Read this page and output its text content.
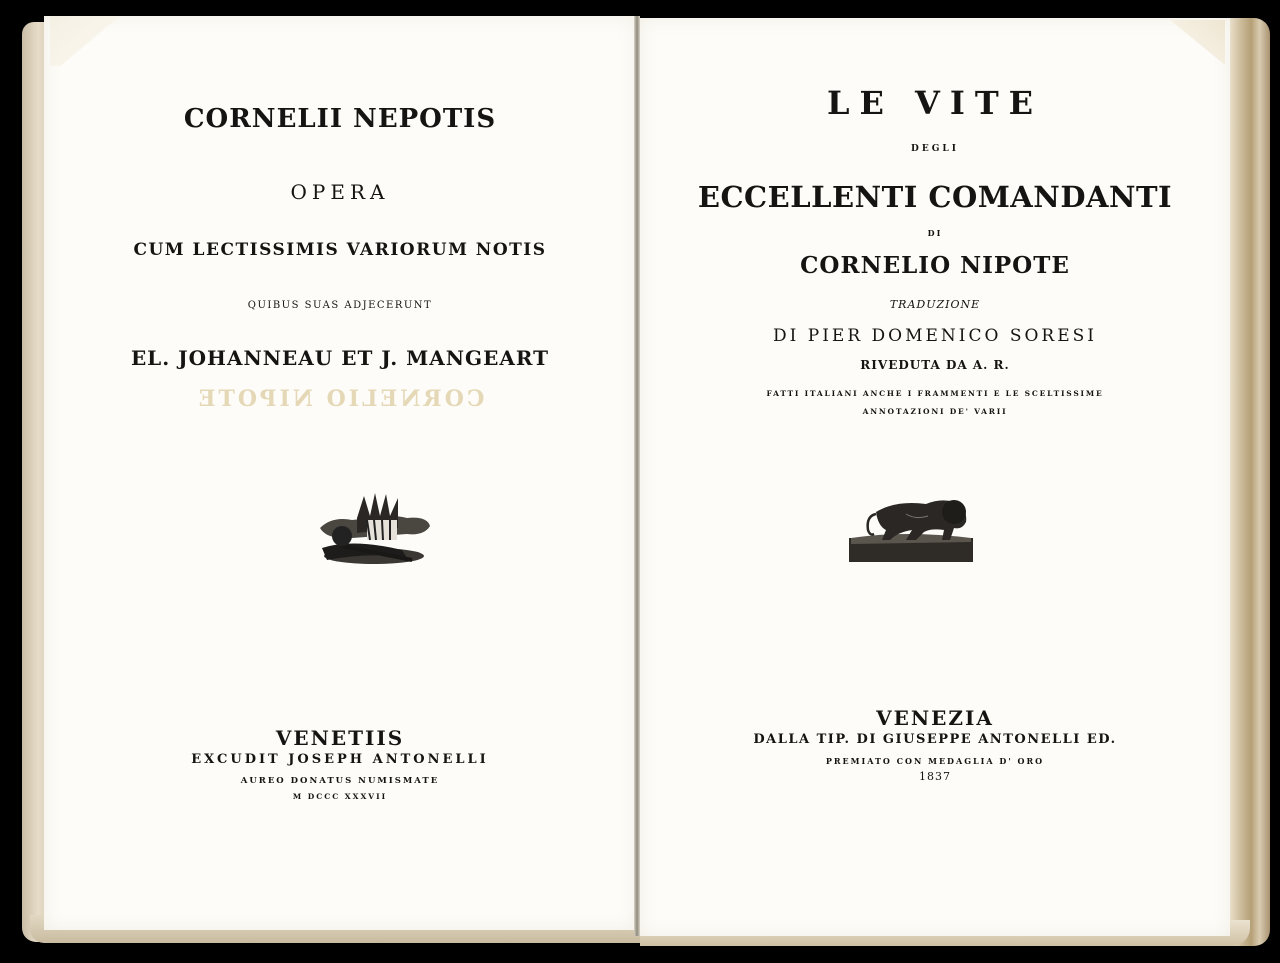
CORNELII NEPOTIS
OPERA
CUM LECTISSIMIS VARIORUM NOTIS
QUIBUS SUAS ADJECERUNT
EL. JOHANNEAU ET J. MANGEART
CORNELIO NIPOTE
VENETIIS
EXCUDIT JOSEPH ANTONELLI
AUREO DONATUS NUMISMATE
M DCCC XXXVII
LE VITE
DEGLI
ECCELLENTI COMANDANTI
DI
CORNELIO NIPOTE
TRADUZIONE
DI PIER DOMENICO SORESI
RIVEDUTA DA A. R.
FATTI ITALIANI ANCHE I FRAMMENTI E LE SCELTISSIME
ANNOTAZIONI DE' VARII
VENEZIA
DALLA TIP. DI GIUSEPPE ANTONELLI ED.
PREMIATO CON MEDAGLIA D' ORO
1837
